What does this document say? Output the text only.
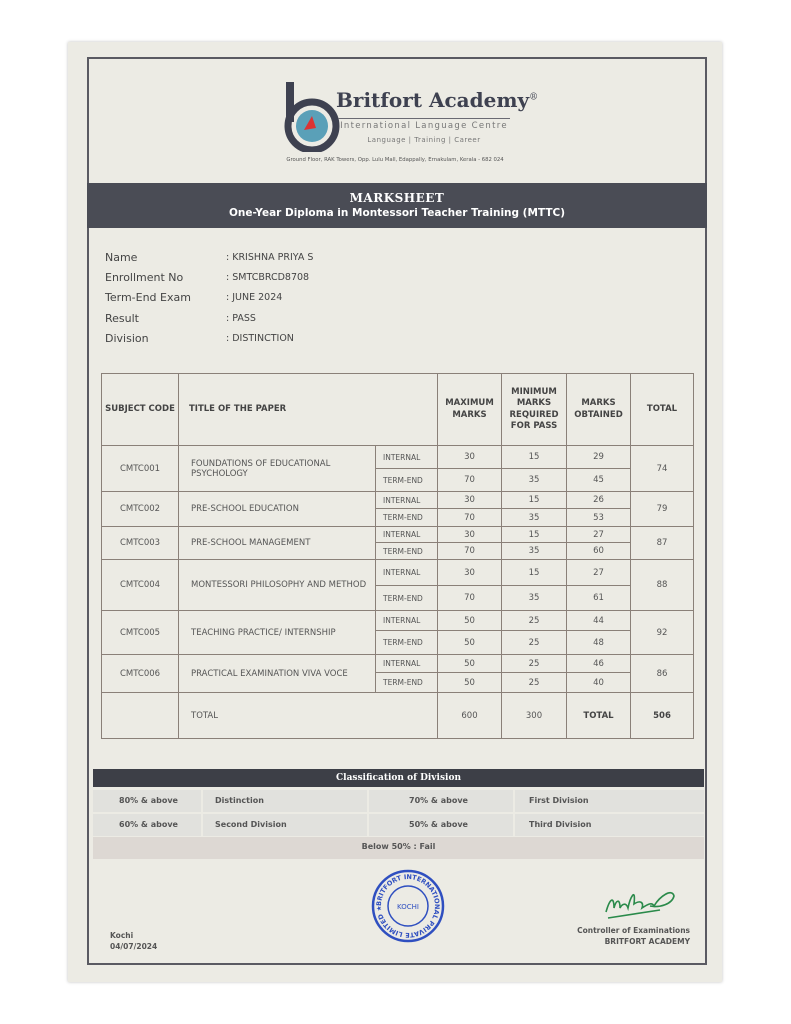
Britfort Academy®
International Language Centre
Language | Training | Career
Ground Floor, RAK Towers, Opp. Lulu Mall, Edappally, Ernakulam, Kerala - 682 024
MARKSHEET
One-Year Diploma in Montessori Teacher Training (MTTC)
Name	: KRISHNA PRIYA S
Enrollment No	: SMTCBRCD8708
Term-End Exam	: JUNE 2024
Result	: PASS
Division	: DISTINCTION
SUBJECT CODE	TITLE OF THE PAPER		MAXIMUM MARKS	MINIMUM MARKS REQUIRED FOR PASS	MARKS OBTAINED	TOTAL
CMTC001	FOUNDATIONS OF EDUCATIONAL PSYCHOLOGY	INTERNAL	30	15	29	74
		TERM-END	70	35	45	
CMTC002	PRE-SCHOOL EDUCATION	INTERNAL	30	15	26	79
		TERM-END	70	35	53	
CMTC003	PRE-SCHOOL MANAGEMENT	INTERNAL	30	15	27	87
		TERM-END	70	35	60	
CMTC004	MONTESSORI PHILOSOPHY AND METHOD	INTERNAL	30	15	27	88
		TERM-END	70	35	61	
CMTC005	TEACHING PRACTICE/ INTERNSHIP	INTERNAL	50	25	44	92
		TERM-END	50	25	48	
CMTC006	PRACTICAL EXAMINATION VIVA VOCE	INTERNAL	50	25	46	86
		TERM-END	50	25	40	
	TOTAL		600	300	TOTAL	506
Classification of Division
80% & above	Distinction	70% & above	First Division
60% & above	Second Division	50% & above	Third Division
Below 50% : Fail
BRITFORT INTERNATIONAL PRIVATE LIMITED ★	KOCHI
Kochi
04/07/2024
Controller of Examinations
BRITFORT ACADEMY
